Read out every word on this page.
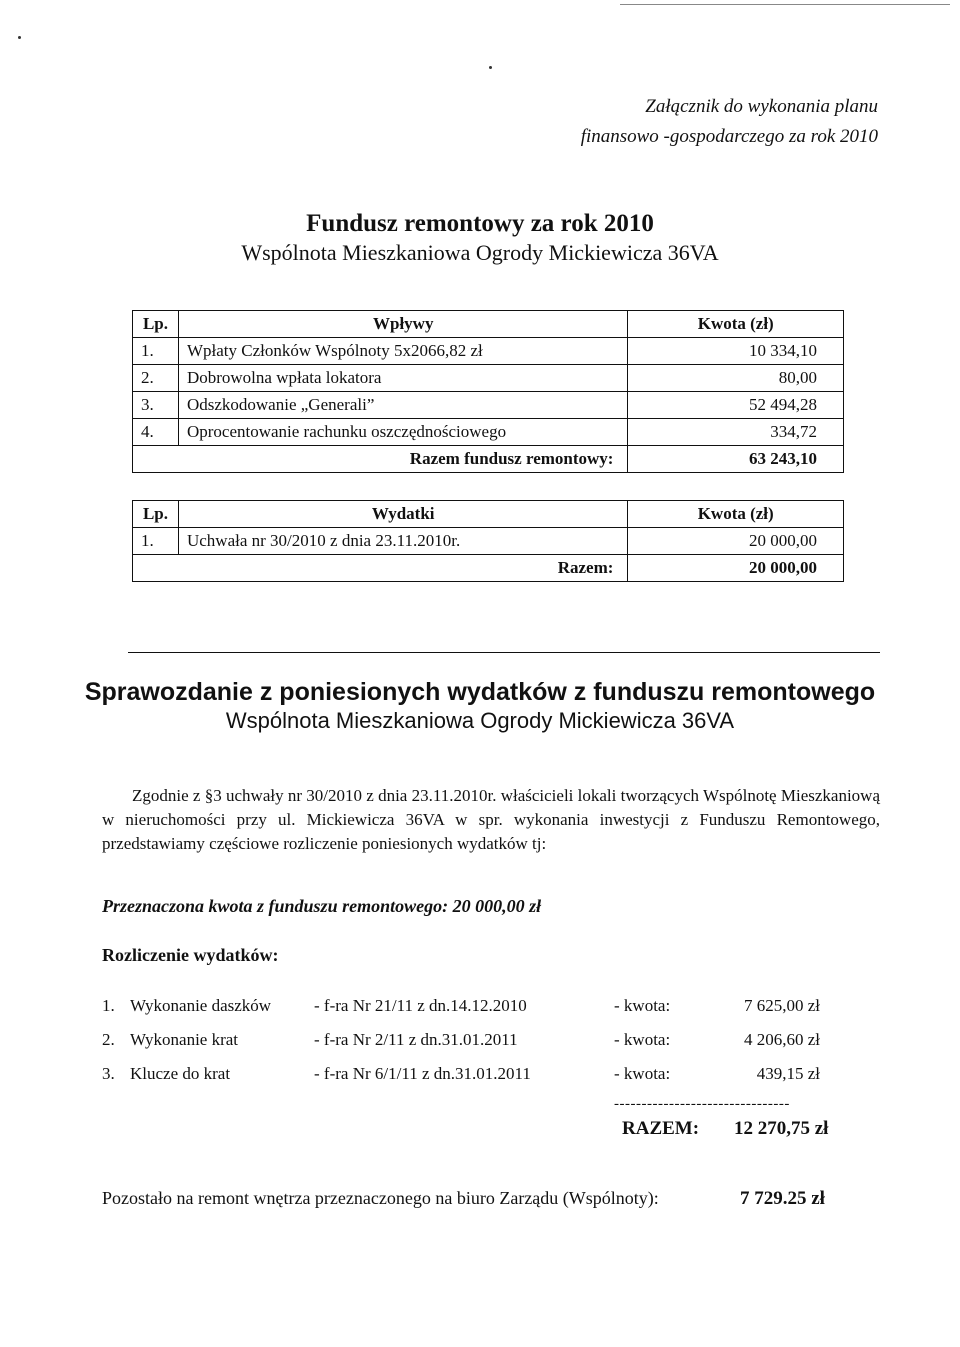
Załącznik do wykonania planu
finansowo -gospodarczego za rok 2010
Fundusz remontowy za rok 2010
Wspólnota Mieszkaniowa Ogrody Mickiewicza 36VA
Lp.	Wpływy	Kwota (zł)
1.	Wpłaty Członków Wspólnoty 5x2066,82 zł	10 334,10
2.	Dobrowolna wpłata lokatora	80,00
3.	Odszkodowanie „Generali”	52 494,28
4.	Oprocentowanie rachunku oszczędnościowego	334,72
Razem fundusz remontowy:		63 243,10
Lp.	Wydatki	Kwota (zł)
1.	Uchwała nr 30/2010 z dnia 23.11.2010r.	20 000,00
Razem:		20 000,00
Sprawozdanie z poniesionych wydatków z funduszu remontowego
Wspólnota Mieszkaniowa Ogrody Mickiewicza 36VA
Zgodnie z §3 uchwały nr 30/2010 z dnia 23.11.2010r. właścicieli lokali tworzących Wspólnotę Mieszkaniową w nieruchomości przy ul. Mickiewicza 36VA w spr. wykonania inwestycji z Funduszu Remontowego, przedstawiamy częściowe rozliczenie poniesionych wydatków tj:
Przeznaczona kwota z funduszu remontowego: 20 000,00 zł
Rozliczenie wydatków:
1. Wykonanie daszków	- f-ra Nr 21/11 z dn.14.12.2010	- kwota:	7 625,00 zł
2. Wykonanie krat	- f-ra Nr 2/11 z dn.31.01.2011	- kwota:	4 206,60 zł
3. Klucze do krat	- f-ra Nr 6/1/11 z dn.31.01.2011	- kwota:	439,15 zł
--------------------------------
RAZEM: 12 270,75 zł
Pozostało na remont wnętrza przeznaczonego na biuro Zarządu (Wspólnoty):	7 729.25 zł
